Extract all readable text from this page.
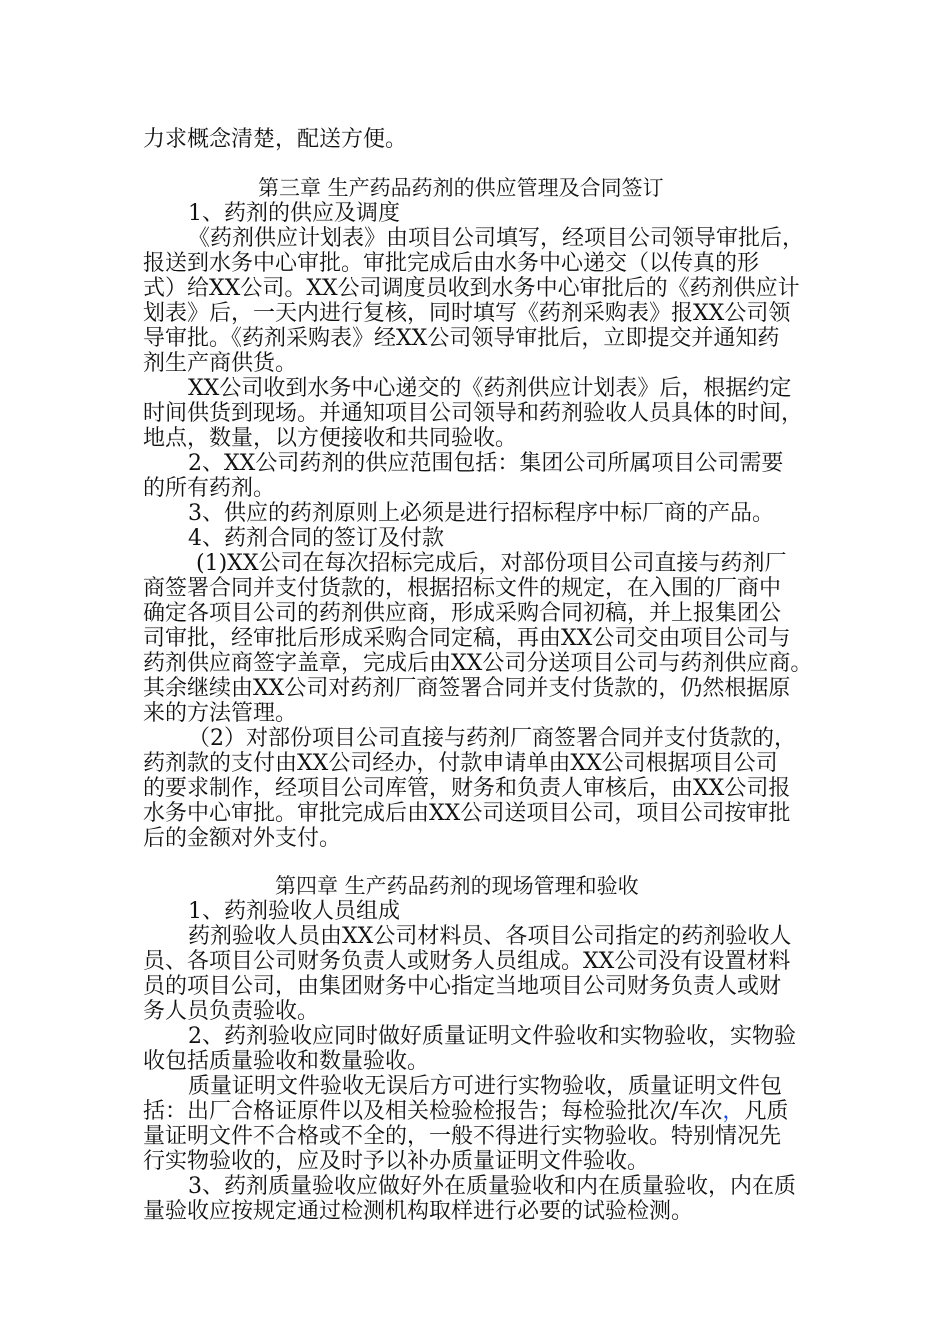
力求概念清楚，配送方便。
第三章 生产药品药剂的供应管理及合同签订
1、药剂的供应及调度
《药剂供应计划表》由项目公司填写，经项目公司领导审批后，
报送到水务中心审批。审批完成后由水务中心递交（以传真的形
式）给XX公司。XX公司调度员收到水务中心审批后的《药剂供应计
划表》后，一天内进行复核，同时填写《药剂采购表》报XX公司领
导审批。《药剂采购表》经XX公司领导审批后，立即提交并通知药
剂生产商供货。
XX公司收到水务中心递交的《药剂供应计划表》后，根据约定
时间供货到现场。并通知项目公司领导和药剂验收人员具体的时间，
地点，数量，以方便接收和共同验收。
2、XX公司药剂的供应范围包括：集团公司所属项目公司需要
的所有药剂。
3、供应的药剂原则上必须是进行招标程序中标厂商的产品。
4、药剂合同的签订及付款
(1)XX公司在每次招标完成后，对部份项目公司直接与药剂厂
商签署合同并支付货款的，根据招标文件的规定，在入围的厂商中
确定各项目公司的药剂供应商，形成采购合同初稿，并上报集团公
司审批，经审批后形成采购合同定稿，再由XX公司交由项目公司与
药剂供应商签字盖章，完成后由XX公司分送项目公司与药剂供应商。
其余继续由XX公司对药剂厂商签署合同并支付货款的，仍然根据原
来的方法管理。
（2）对部份项目公司直接与药剂厂商签署合同并支付货款的，
药剂款的支付由XX公司经办，付款申请单由XX公司根据项目公司
的要求制作，经项目公司库管，财务和负责人审核后，由XX公司报
水务中心审批。审批完成后由XX公司送项目公司，项目公司按审批
后的金额对外支付。
第四章 生产药品药剂的现场管理和验收
1、药剂验收人员组成
药剂验收人员由XX公司材料员、各项目公司指定的药剂验收人
员、各项目公司财务负责人或财务人员组成。XX公司没有设置材料
员的项目公司，由集团财务中心指定当地项目公司财务负责人或财
务人员负责验收。
2、药剂验收应同时做好质量证明文件验收和实物验收，实物验
收包括质量验收和数量验收。
质量证明文件验收无误后方可进行实物验收，质量证明文件包
括：出厂合格证原件以及相关检验检报告；每检验批次/车次，凡质
量证明文件不合格或不全的，一般不得进行实物验收。特别情况先
行实物验收的，应及时予以补办质量证明文件验收。
3、药剂质量验收应做好外在质量验收和内在质量验收，内在质
量验收应按规定通过检测机构取样进行必要的试验检测。
